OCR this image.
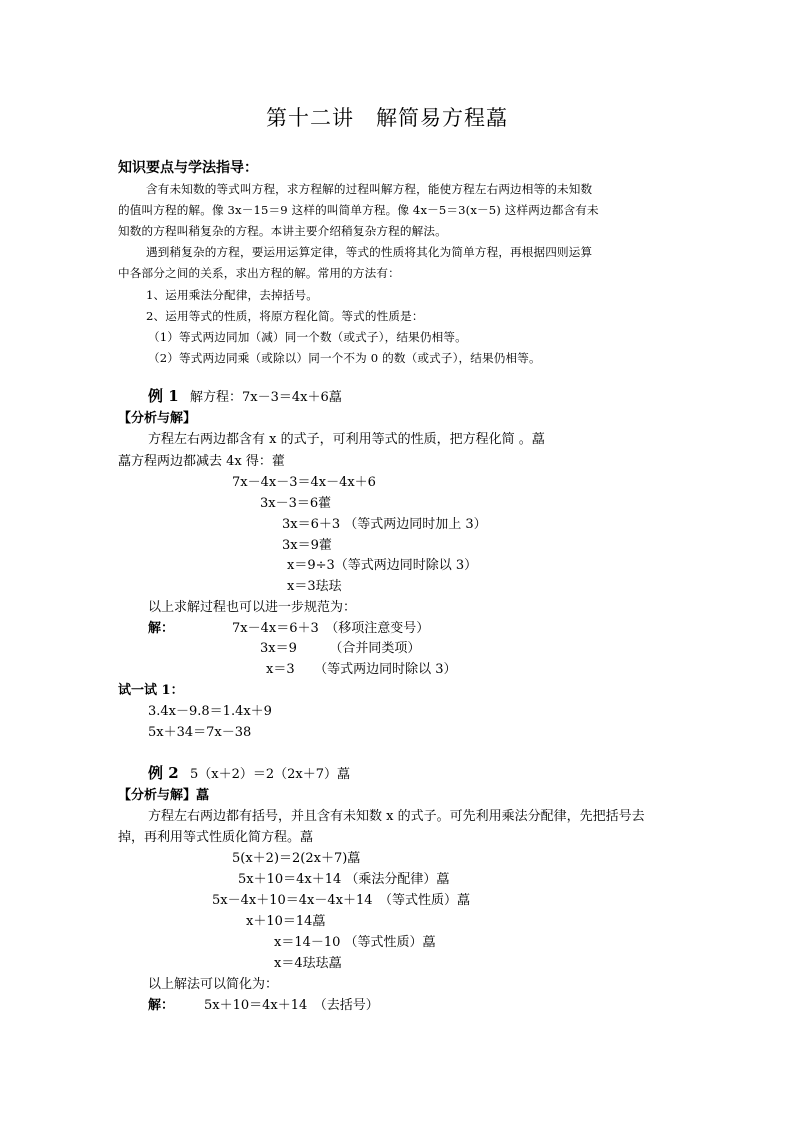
第十二讲　解简易方程藠
知识要点与学法指导：
含有未知数的等式叫方程，求方程解的过程叫解方程，能使方程左右两边相等的未知数
的值叫方程的解。像 3x－15＝9 这样的叫简单方程。像 4x－5＝3(x－5) 这样两边都含有未
知数的方程叫稍复杂的方程。本讲主要介绍稍复杂方程的解法。
遇到稍复杂的方程，要运用运算定律，等式的性质将其化为简单方程，再根据四则运算
中各部分之间的关系，求出方程的解。常用的方法有：
1、运用乘法分配律，去掉括号。
2、运用等式的性质，将原方程化简。等式的性质是：
（1）等式两边同加（减）同一个数（或式子），结果仍相等。
（2）等式两边同乘（或除以）同一个不为 0 的数（或式子），结果仍相等。
例 1 解方程：7x－3＝4x＋6藠
【分析与解】
方程左右两边都含有 x 的式子，可利用等式的性质，把方程化简 。藠
藠方程两边都减去 4x 得：藿
7x－4x－3＝4x－4x＋6
3x－3＝6藿
3x＝6＋3 （等式两边同时加上 3）
3x＝9藿
x＝9÷3（等式两边同时除以 3）
x＝3珐珐
以上求解过程也可以进一步规范为：
解：	7x－4x＝6＋3　（移项注意变号）
3x＝9　　　（合并同类项）
x＝3　　（等式两边同时除以 3）
试一试 1：
3.4x－9.8＝1.4x＋9
5x＋34＝7x－38
例 2 5（x＋2）＝2（2x＋7）藠
【分析与解】藠
方程左右两边都有括号，并且含有未知数 x 的式子。可先利用乘法分配律，先把括号去
掉，再利用等式性质化简方程。藠
5(x＋2)＝2(2x＋7)藠
5x＋10＝4x＋14 （乘法分配律）藠
5x－4x＋10＝4x－4x＋14　（等式性质）藠
x＋10＝14藠
x＝14－10 （等式性质）藠
x＝4珐珐藠
以上解法可以简化为：
解： 5x＋10＝4x＋14　（去括号）
